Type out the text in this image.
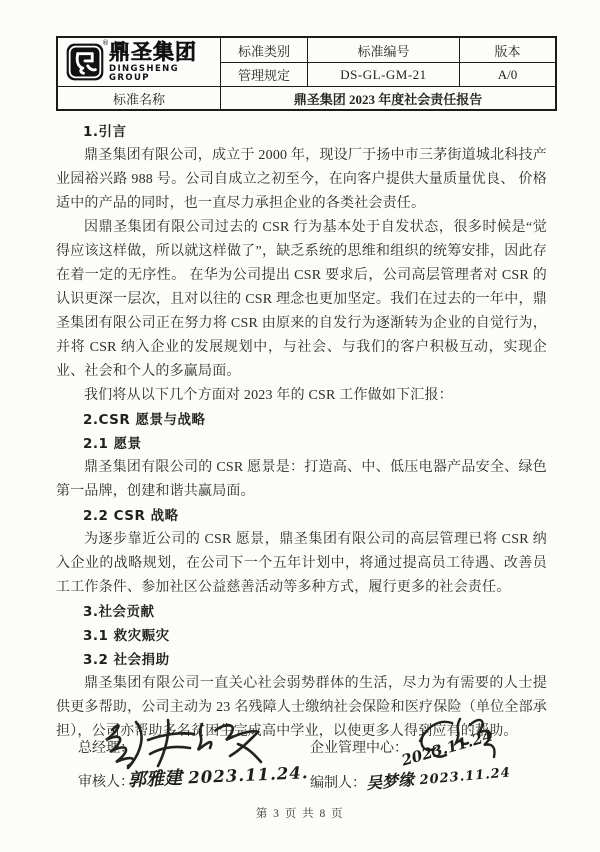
® 鼎圣集团
DINGSHENG GROUP
标准类别	标准编号	版本
管理规定	DS-GL-GM-21	A/0
标准名称	鼎圣集团 2023 年度社会责任报告

1.引言

鼎圣集团有限公司，成立于 2000 年，现设厂于扬中市三茅街道城北科技产业园裕兴路 988 号。公司自成立之初至今，在向客户提供大量质量优良、 价格适中的产品的同时，也一直尽力承担企业的各类社会责任。

因鼎圣集团有限公司过去的 CSR 行为基本处于自发状态，很多时候是“觉得应该这样做，所以就这样做了”，缺乏系统的思维和组织的统筹安排，因此存在着一定的无序性。 在华为公司提出 CSR 要求后，公司高层管理者对 CSR 的认识更深一层次，且对以往的 CSR 理念也更加坚定。我们在过去的一年中，鼎圣集团有限公司正在努力将 CSR 由原来的自发行为逐渐转为企业的自觉行为，并将 CSR 纳入企业的发展规划中，与社会、与我们的客户积极互动，实现企业、社会和个人的多赢局面。

我们将从以下几个方面对 2023 年的 CSR 工作做如下汇报：

2.CSR 愿景与战略

2.1 愿景

鼎圣集团有限公司的 CSR 愿景是：打造高、中、低压电器产品安全、绿色第一品牌，创建和谐共赢局面。

2.2 CSR 战略

为逐步靠近公司的 CSR 愿景，鼎圣集团有限公司的高层管理已将 CSR 纳入企业的战略规划，在公司下一个五年计划中，将通过提高员工待遇、改善员工工作条件、参加社区公益慈善活动等多种方式，履行更多的社会责任。

3.社会贡献

3.1 救灾赈灾

3.2 社会捐助

鼎圣集团有限公司一直关心社会弱势群体的生活，尽力为有需要的人士提供更多帮助，公司主动为 23 名残障人士缴纳社会保险和医疗保险（单位全部承担），公司亦帮助多名贫困生完成高中学业，以使更多人得到应有的帮助。

总经理：
审核人：
郭雅建 2023.11.24.
企业管理中心：
2023.11.24
编制人： 吴梦缘 2023.11.24
第 3 页 共 8 页
